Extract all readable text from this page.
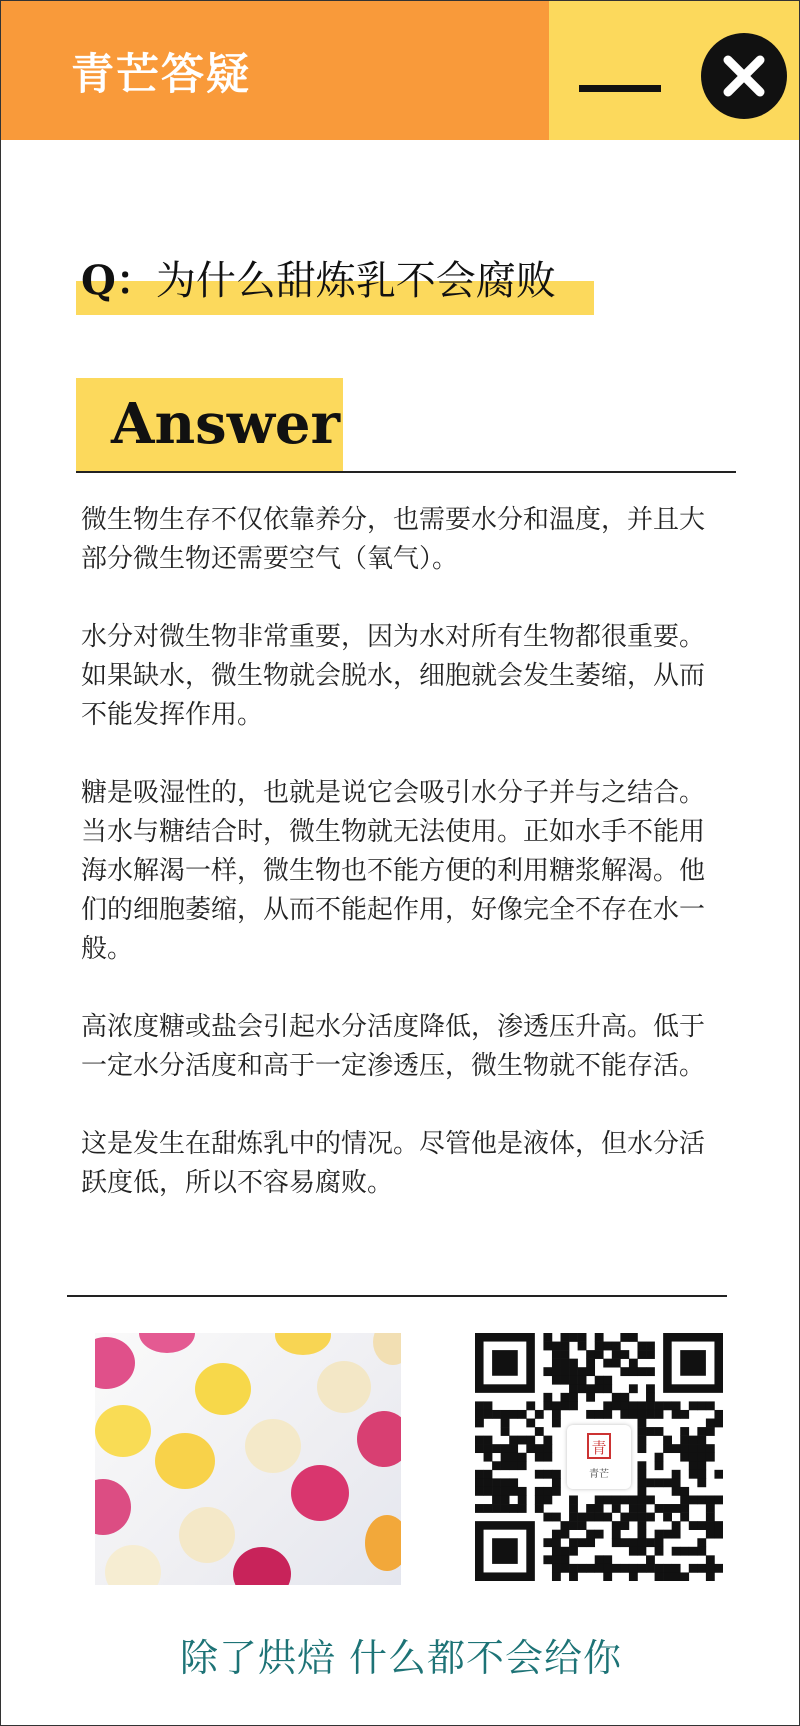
青芒答疑
Q：为什么甜炼乳不会腐败
Answer

微生物生存不仅依靠养分，也需要水分和温度，并且大部分微生物还需要空气（氧气）。

水分对微生物非常重要，因为水对所有生物都很重要。如果缺水，微生物就会脱水，细胞就会发生萎缩，从而不能发挥作用。

糖是吸湿性的，也就是说它会吸引水分子并与之结合。当水与糖结合时，微生物就无法使用。正如水手不能用海水解渴一样，微生物也不能方便的利用糖浆解渴。他们的细胞萎缩，从而不能起作用，好像完全不存在水一般。

高浓度糖或盐会引起水分活度降低，渗透压升高。低于一定水分活度和高于一定渗透压，微生物就不能存活。

这是发生在甜炼乳中的情况。尽管他是液体，但水分活跃度低，所以不容易腐败。

青
青芒
除了烘焙 什么都不会给你
